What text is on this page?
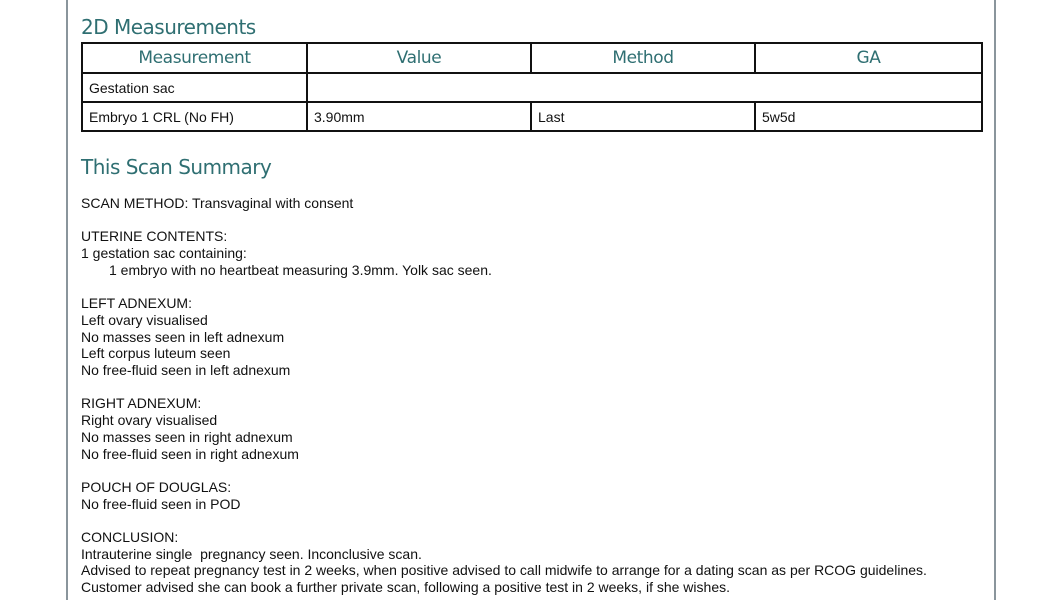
2D Measurements
Measurement	Value	Method	GA
Gestation sac			
Embryo 1 CRL (No FH)	3.90mm	Last	5w5d
This Scan Summary
SCAN METHOD: Transvaginal with consent
UTERINE CONTENTS:
1 gestation sac containing:
1 embryo with no heartbeat measuring 3.9mm. Yolk sac seen.
LEFT ADNEXUM:
Left ovary visualised
No masses seen in left adnexum
Left corpus luteum seen
No free-fluid seen in left adnexum
RIGHT ADNEXUM:
Right ovary visualised
No masses seen in right adnexum
No free-fluid seen in right adnexum
POUCH OF DOUGLAS:
No free-fluid seen in POD
CONCLUSION:
Intrauterine single  pregnancy seen. Inconclusive scan.
Advised to repeat pregnancy test in 2 weeks, when positive advised to call midwife to arrange for a dating scan as per RCOG guidelines.
Customer advised she can book a further private scan, following a positive test in 2 weeks, if she wishes.
